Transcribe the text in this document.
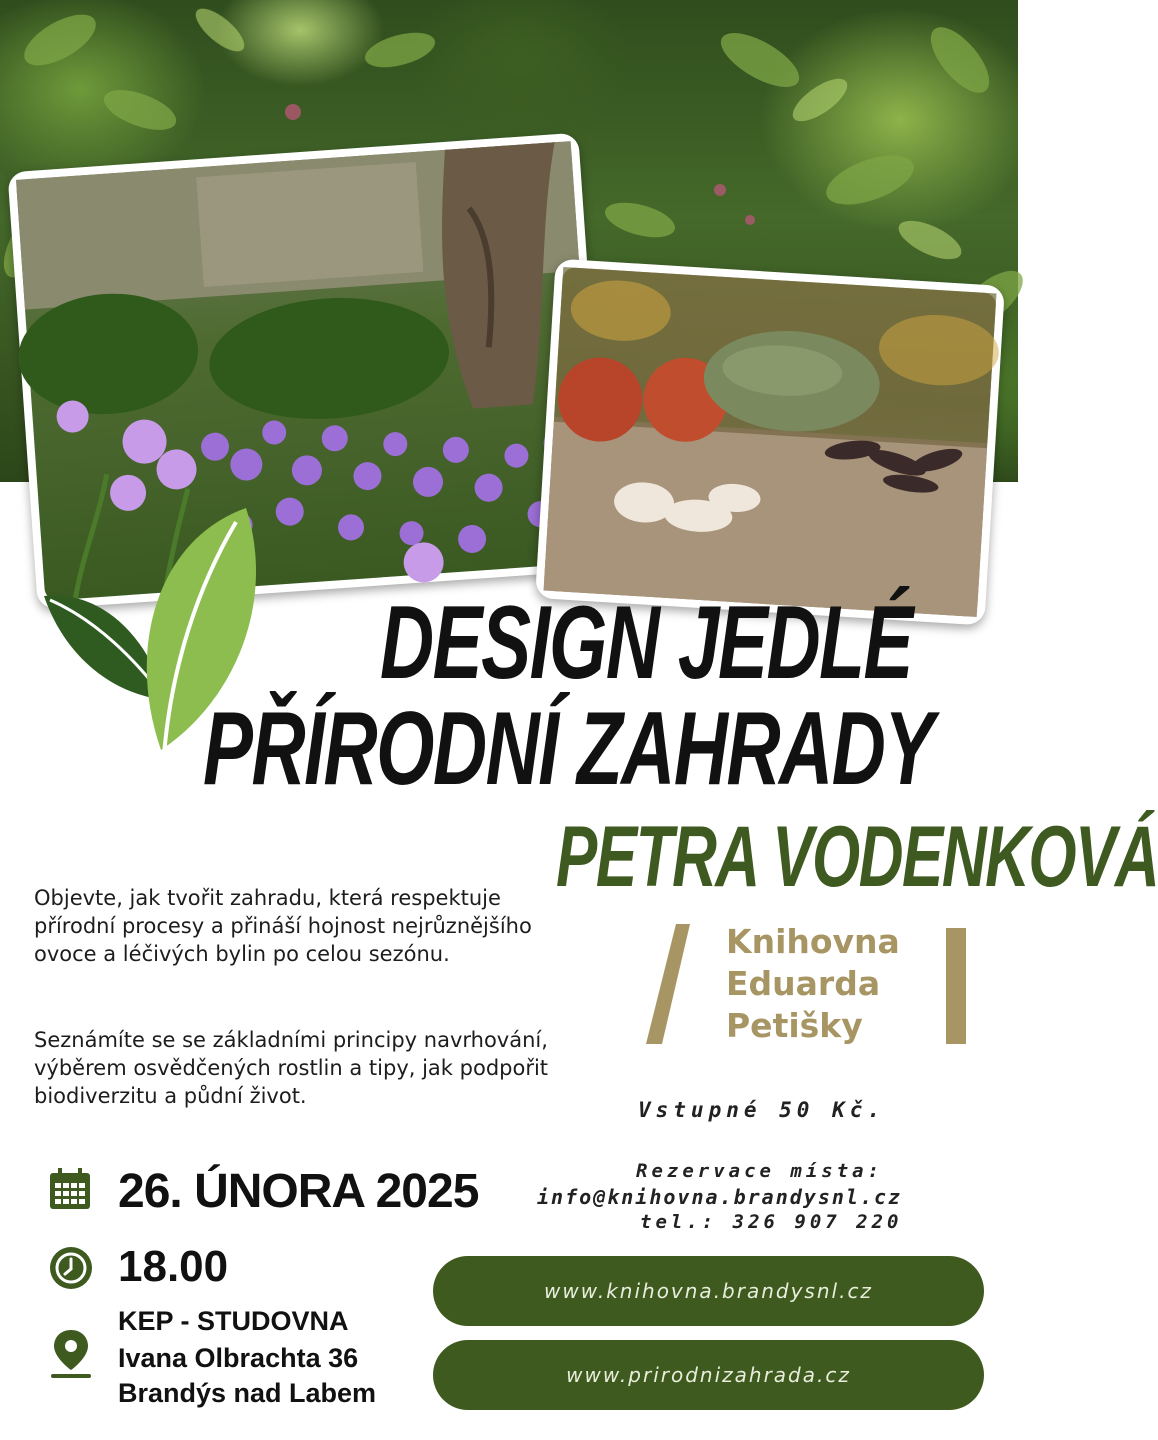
DESIGN JEDLÉ
PŘÍRODNÍ ZAHRADY
PETRA VODENKOVÁ
Objevte, jak tvořit zahradu, která respektuje přírodní procesy a přináší hojnost nejrůznějšího ovoce a léčivých bylin po celou sezónu.
Seznámíte se se základními principy navrhování, výběrem osvědčených rostlin a tipy, jak podpořit biodiverzitu a půdní život.
Knihovna
Eduarda
Petišky
Vstupné 50 Kč.
Rezervace místa:
info@knihovna.brandysnl.cz
tel.: 326 907 220
26. ÚNORA 2025
18.00
KEP - STUDOVNA
Ivana Olbrachta 36
Brandýs nad Labem
www.knihovna.brandysnl.cz
www.prirodnizahrada.cz
